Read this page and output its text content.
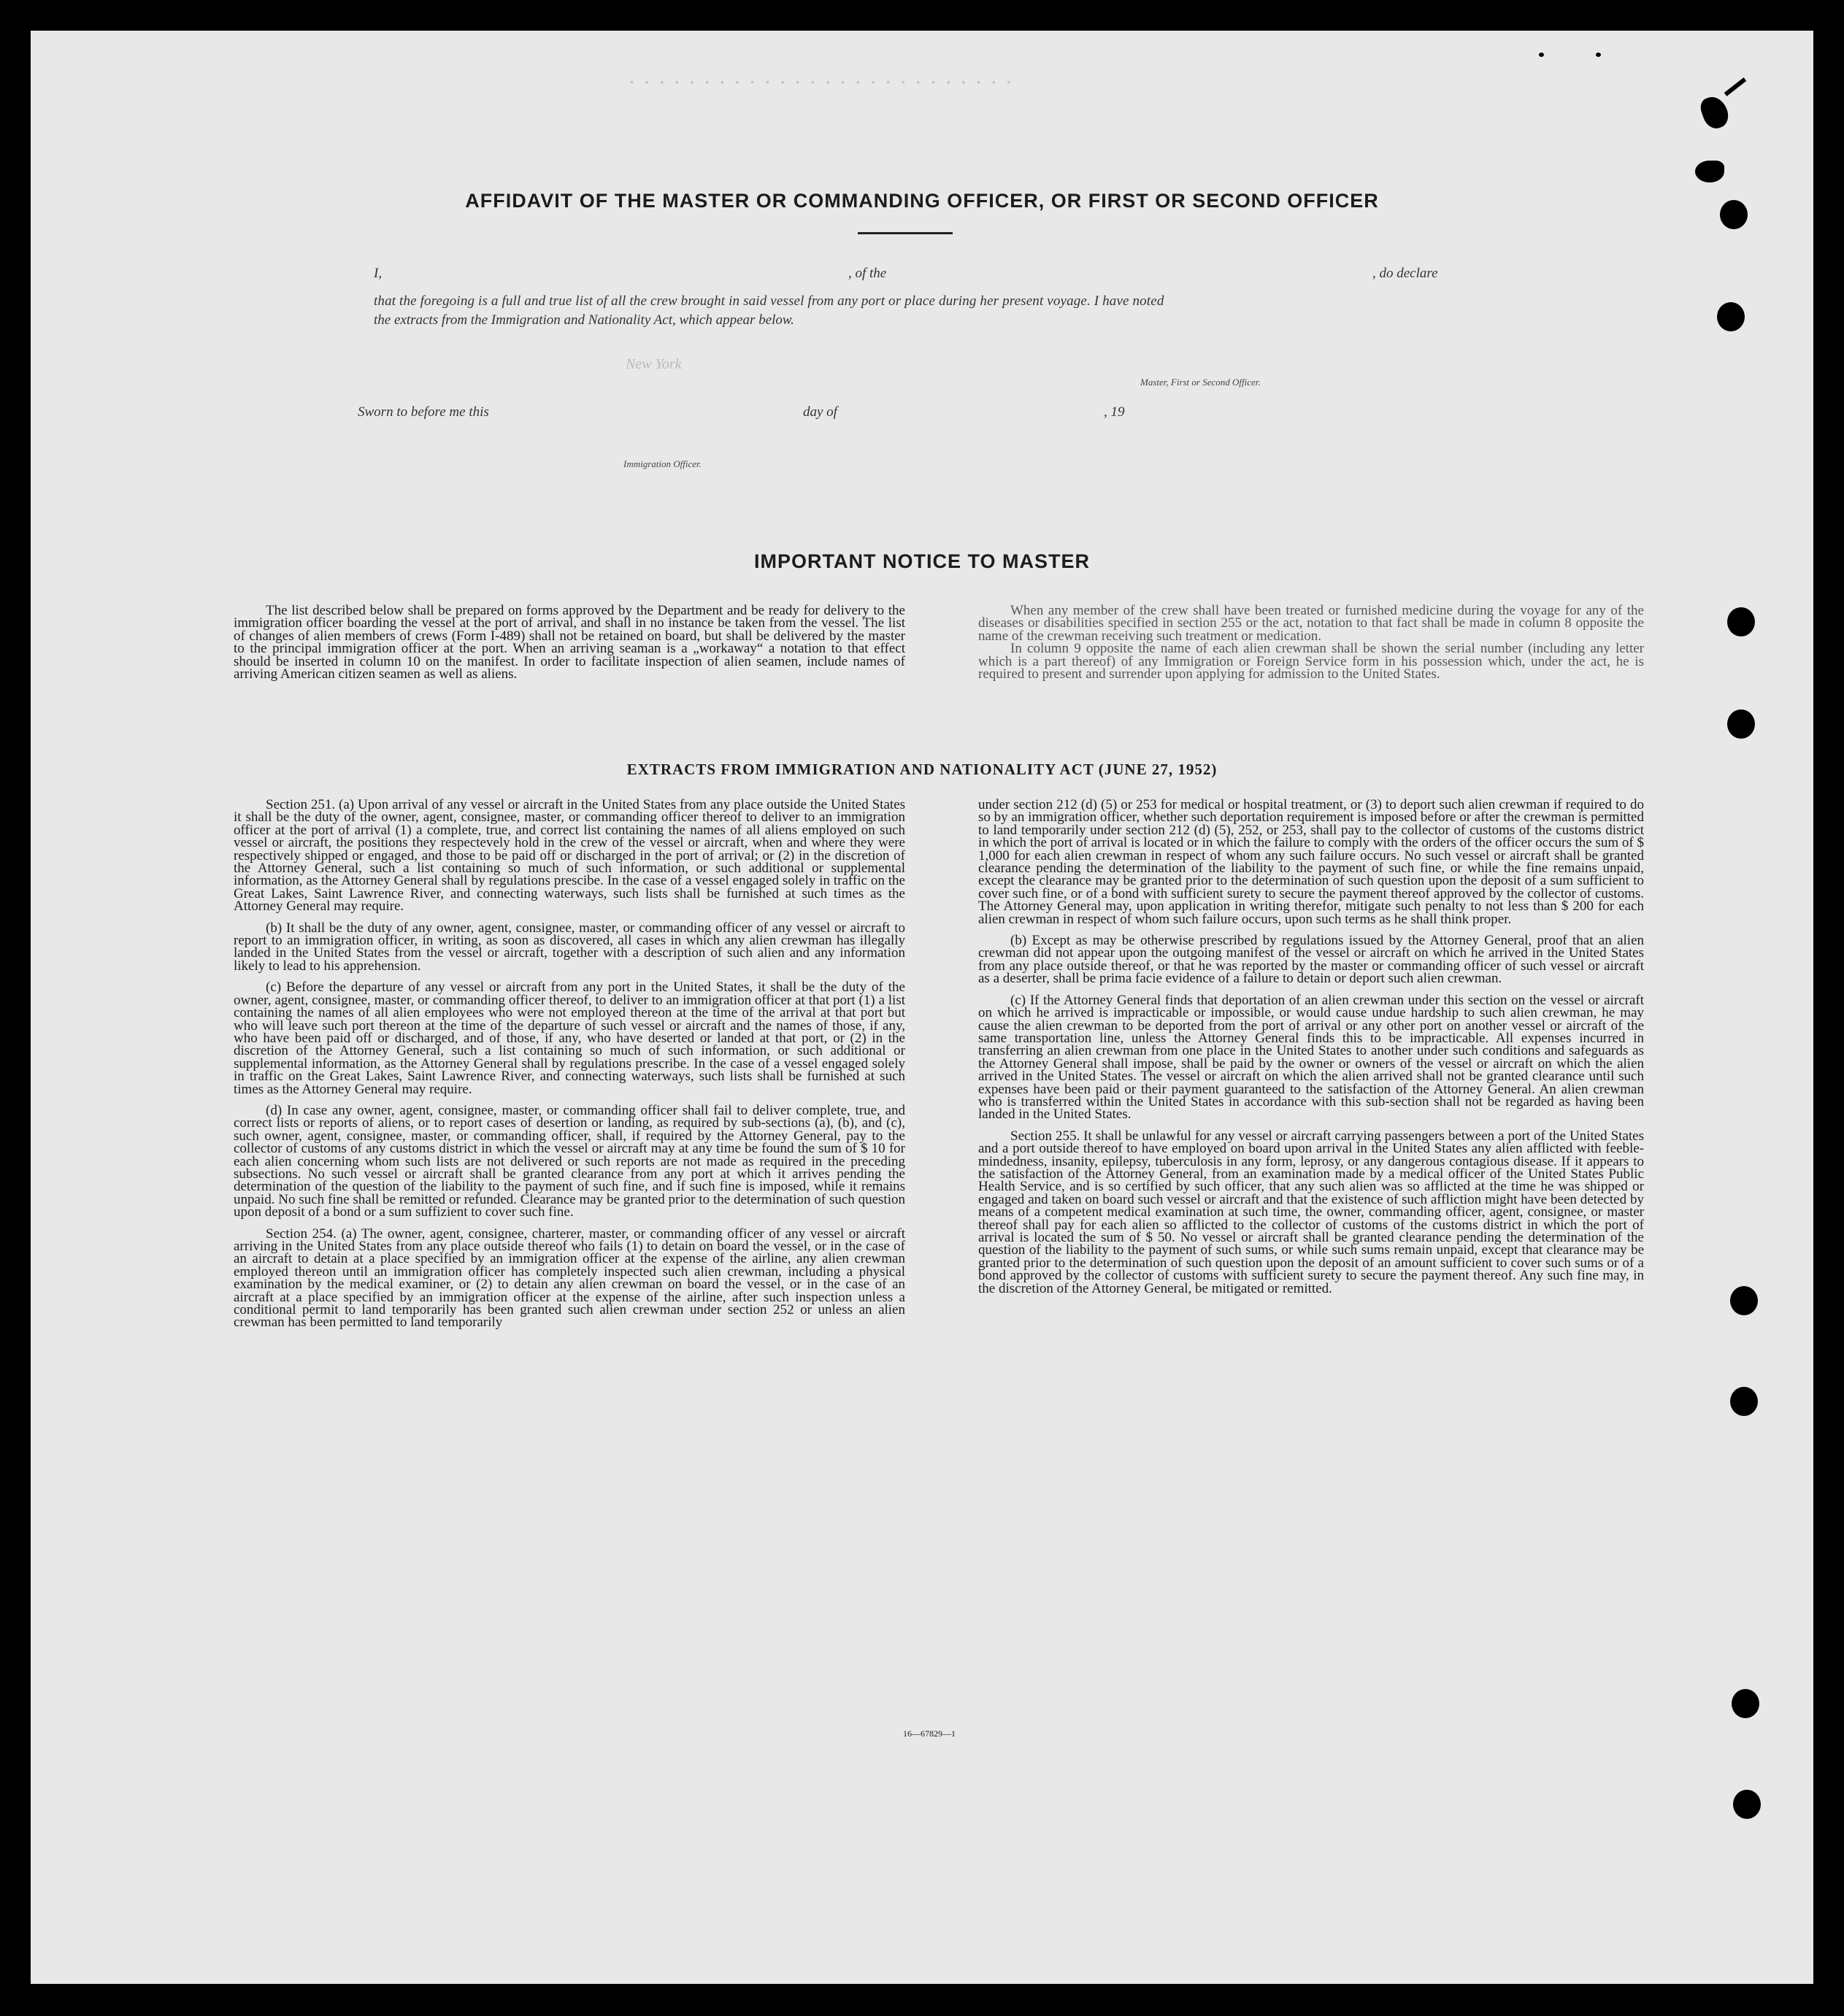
· · · · · · · · · · · · · · · · · · · · · · · · · ·
AFFIDAVIT OF THE MASTER OR COMMANDING OFFICER, OR FIRST OR SECOND OFFICER
I,	, of the	, do declare
that the foregoing is a full and true list of all the crew brought in said vessel from any port or place during her present voyage. I have noted
the extracts from the Immigration and Nationality Act, which appear below.
New York
Master, First or Second Officer.
Sworn to before me this	day of	, 19
Immigration Officer.
IMPORTANT NOTICE TO MASTER

The list described below shall be prepared on forms approved by the Department and be ready for delivery to the immigration officer boarding the vessel at the port of arrival, and shall in no instance be taken from the vessel. The list of changes of alien members of crews (Form I-489) shall not be retained on board, but shall be delivered by the master to the principal immigration officer at the port. When an arriving seaman is a „workaway“ a notation to that effect should be inserted in column 10 on the manifest. In order to facilitate inspection of alien seamen, include names of arriving American citizen seamen as well as aliens.

When any member of the crew shall have been treated or furnished medicine during the voyage for any of the diseases or disabilities specified in section 255 or the act, notation to that fact shall be made in column 8 opposite the name of the crewman receiving such treatment or medication.

In column 9 opposite the name of each alien crewman shall be shown the serial number (including any letter which is a part thereof) of any Immigration or Foreign Service form in his possession which, under the act, he is required to present and surrender upon applying for admission to the United States.

EXTRACTS FROM IMMIGRATION AND NATIONALITY ACT (JUNE 27, 1952)

Section 251. (a) Upon arrival of any vessel or aircraft in the United States from any place outside the United States it shall be the duty of the owner, agent, consignee, master, or commanding officer thereof to deliver to an immigration officer at the port of arrival (1) a complete, true, and correct list containing the names of all aliens employed on such vessel or aircraft, the positions they respectevely hold in the crew of the vessel or aircraft, when and where they were respectively shipped or engaged, and those to be paid off or discharged in the port of arrival; or (2) in the discretion of the Attorney General, such a list containing so much of such information, or such additional or supplemental information, as the Attorney General shall by regulations prescibe. In the case of a vessel engaged solely in traffic on the Great Lakes, Saint Lawrence River, and connecting waterways, such lists shall be furnished at such times as the Attorney General may require.

(b) It shall be the duty of any owner, agent, consignee, master, or commanding officer of any vessel or aircraft to report to an immigration officer, in writing, as soon as discovered, all cases in which any alien crewman has illegally landed in the United States from the vessel or aircraft, together with a description of such alien and any information likely to lead to his apprehension.

(c) Before the departure of any vessel or aircraft from any port in the United States, it shall be the duty of the owner, agent, consignee, master, or commanding officer thereof, to deliver to an immigration officer at that port (1) a list containing the names of all alien employees who were not employed thereon at the time of the arrival at that port but who will leave such port thereon at the time of the departure of such vessel or aircraft and the names of those, if any, who have been paid off or discharged, and of those, if any, who have deserted or landed at that port, or (2) in the discretion of the Attorney General, such a list containing so much of such information, or such additional or supplemental information, as the Attorney General shall by regulations prescribe. In the case of a vessel engaged solely in traffic on the Great Lakes, Saint Lawrence River, and connecting waterways, such lists shall be furnished at such times as the Attorney General may require.

(d) In case any owner, agent, consignee, master, or commanding officer shall fail to deliver complete, true, and correct lists or reports of aliens, or to report cases of desertion or landing, as required by sub-sections (a), (b), and (c), such owner, agent, consignee, master, or commanding officer, shall, if required by the Attorney General, pay to the collector of customs of any customs district in which the vessel or aircraft may at any time be found the sum of $ 10 for each alien concerning whom such lists are not delivered or such reports are not made as required in the preceding subsections. No such vessel or aircraft shall be granted clearance from any port at which it arrives pending the determination of the question of the liability to the payment of such fine, and if such fine is imposed, while it remains unpaid. No such fine shall be remitted or refunded. Clearance may be granted prior to the determination of such question upon deposit of a bond or a sum suffizient to cover such fine.

Section 254. (a) The owner, agent, consignee, charterer, master, or commanding officer of any vessel or aircraft arriving in the United States from any place outside thereof who fails (1) to detain on board the vessel, or in the case of an aircraft to detain at a place specified by an immigration officer at the expense of the airline, any alien crewman employed thereon until an immigration officer has completely inspected such alien crewman, including a physical examination by the medical examiner, or (2) to detain any alien crewman on board the vessel, or in the case of an aircraft at a place specified by an immigration officer at the expense of the airline, after such inspection unless a conditional permit to land temporarily has been granted such alien crewman under section 252 or unless an alien crewman has been permitted to land temporarily

under section 212 (d) (5) or 253 for medical or hospital treatment, or (3) to deport such alien crewman if required to do so by an immigration officer, whether such deportation requirement is imposed before or after the crewman is permitted to land temporarily under section 212 (d) (5), 252, or 253, shall pay to the collector of customs of the customs district in which the port of arrival is located or in which the failure to comply with the orders of the officer occurs the sum of $ 1,000 for each alien crewman in respect of whom any such failure occurs. No such vessel or aircraft shall be granted clearance pending the determination of the liability to the payment of such fine, or while the fine remains unpaid, except the clearance may be granted prior to the determination of such question upon the deposit of a sum sufficient to cover such fine, or of a bond with sufficient surety to secure the payment thereof approved by the collector of customs. The Attorney General may, upon application in writing therefor, mitigate such penalty to not less than $ 200 for each alien crewman in respect of whom such failure occurs, upon such terms as he shall think proper.

(b) Except as may be otherwise prescribed by regulations issued by the Attorney General, proof that an alien crewman did not appear upon the outgoing manifest of the vessel or aircraft on which he arrived in the United States from any place outside thereof, or that he was reported by the master or commanding officer of such vessel or aircraft as a deserter, shall be prima facie evidence of a failure to detain or deport such alien crewman.

(c) If the Attorney General finds that deportation of an alien crewman under this section on the vessel or aircraft on which he arrived is impracticable or impossible, or would cause undue hardship to such alien crewman, he may cause the alien crewman to be deported from the port of arrival or any other port on another vessel or aircraft of the same transportation line, unless the Attorney General finds this to be impracticable. All expenses incurred in transferring an alien crewman from one place in the United States to another under such conditions and safeguards as the Attorney General shall impose, shall be paid by the owner or owners of the vessel or aircraft on which the alien arrived in the United States. The vessel or aircraft on which the alien arrived shall not be granted clearance until such expenses have been paid or their payment guaranteed to the satisfaction of the Attorney General. An alien crewman who is transferred within the United States in accordance with this sub-section shall not be regarded as having been landed in the United States.

Section 255. It shall be unlawful for any vessel or aircraft carrying passengers between a port of the United States and a port outside thereof to have employed on board upon arrival in the United States any alien afflicted with feeble-mindedness, insanity, epilepsy, tuberculosis in any form, leprosy, or any dangerous contagious disease. If it appears to the satisfaction of the Attorney General, from an examination made by a medical officer of the United States Public Health Service, and is so certified by such officer, that any such alien was so afflicted at the time he was shipped or engaged and taken on board such vessel or aircraft and that the existence of such affliction might have been detected by means of a competent medical examination at such time, the owner, commanding officer, agent, consignee, or master thereof shall pay for each alien so afflicted to the collector of customs of the customs district in which the port of arrival is located the sum of $ 50. No vessel or aircraft shall be granted clearance pending the determination of the question of the liability to the payment of such sums, or while such sums remain unpaid, except that clearance may be granted prior to the determination of such question upon the deposit of an amount sufficient to cover such sums or of a bond approved by the collector of customs with sufficient surety to secure the payment thereof. Any such fine may, in the discretion of the Attorney General, be mitigated or remitted.

16—67829—1
